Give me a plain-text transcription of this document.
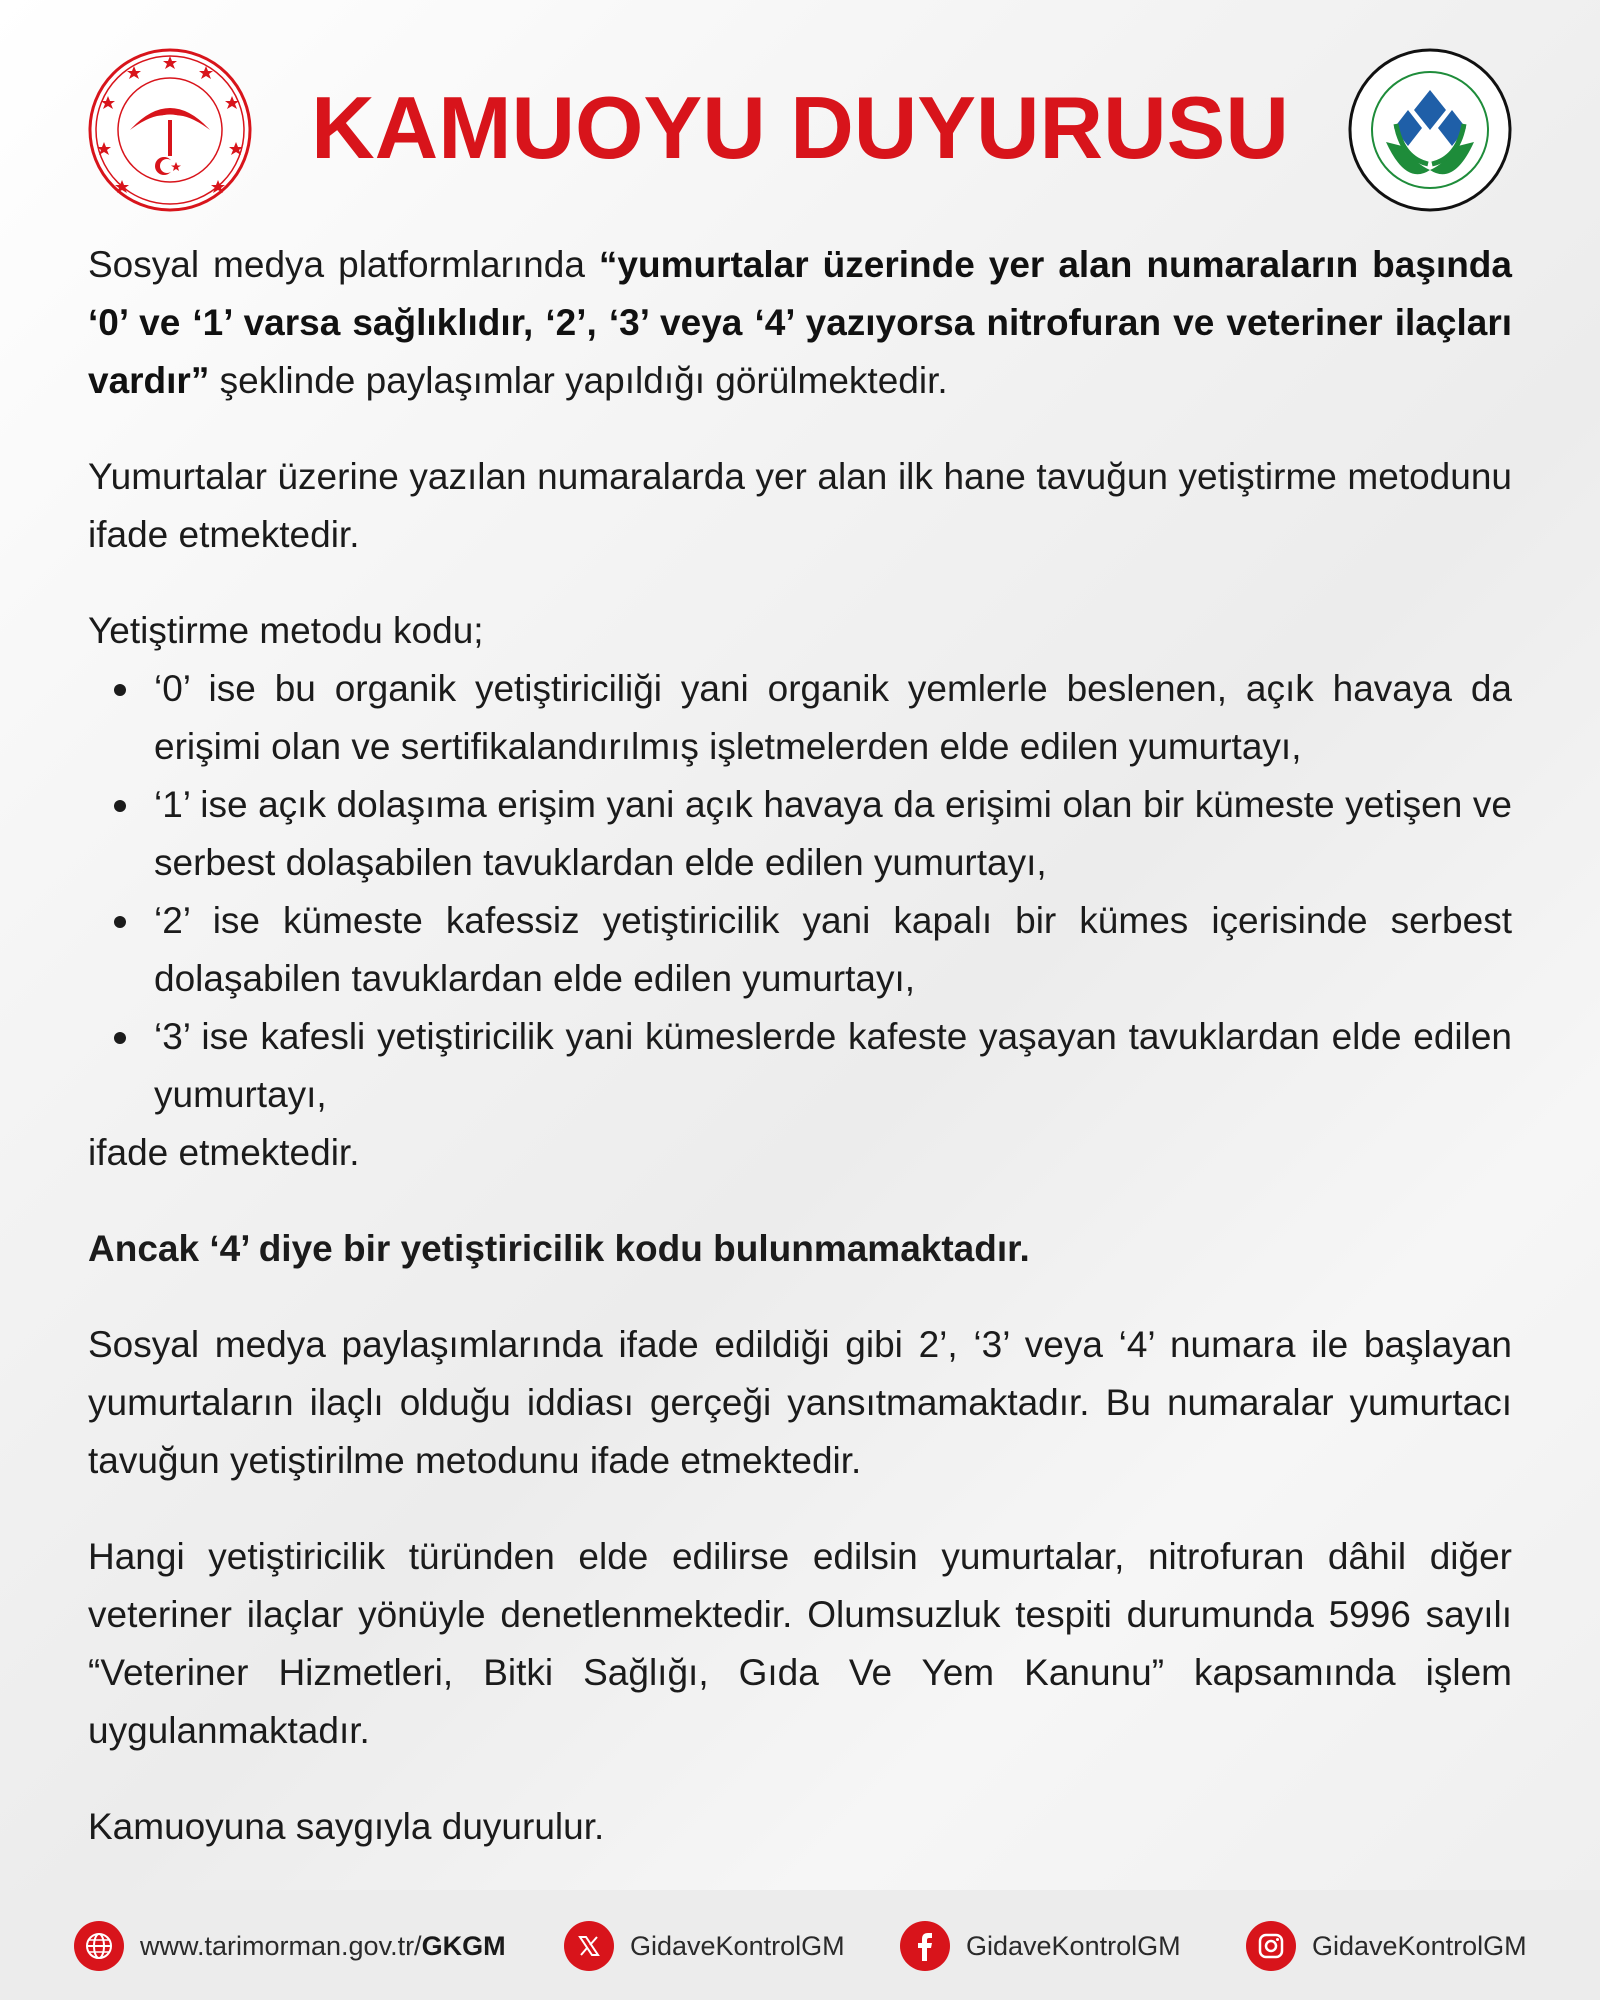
KAMUOYU DUYURUSU

Sosyal medya platformlarında “yumurtalar üzerinde yer alan numaraların başında ‘0’ ve ‘1’ varsa sağlıklıdır, ‘2’, ‘3’ veya ‘4’ yazıyorsa nitrofuran ve veteriner ilaçları vardır” şeklinde paylaşımlar yapıldığı görülmektedir.

Yumurtalar üzerine yazılan numaralarda yer alan ilk hane tavuğun yetiştirme metodunu ifade etmektedir.

Yetiştirme metodu kodu;

‘0’ ise bu organik yetiştiriciliği yani organik yemlerle beslenen, açık havaya da erişimi olan ve sertifikalandırılmış işletmelerden elde edilen yumurtayı,
‘1’ ise açık dolaşıma erişim yani açık havaya da erişimi olan bir kümeste yetişen ve serbest dolaşabilen tavuklardan elde edilen yumurtayı,
‘2’ ise kümeste kafessiz yetiştiricilik yani kapalı bir kümes içerisinde serbest dolaşabilen tavuklardan elde edilen yumurtayı,
‘3’ ise kafesli yetiştiricilik yani kümeslerde kafeste yaşayan tavuklardan elde edilen yumurtayı,

ifade etmektedir.

Ancak ‘4’ diye bir yetiştiricilik kodu bulunmamaktadır.

Sosyal medya paylaşımlarında ifade edildiği gibi 2’, ‘3’ veya ‘4’ numara ile başlayan yumurtaların ilaçlı olduğu iddiası gerçeği yansıtmamaktadır. Bu numaralar yumurtacı tavuğun yetiştirilme metodunu ifade etmektedir.

Hangi yetiştiricilik türünden elde edilirse edilsin yumurtalar, nitrofuran dâhil diğer veteriner ilaçlar yönüyle denetlenmektedir. Olumsuzluk tespiti durumunda 5996 sayılı “Veteriner Hizmetleri, Bitki Sağlığı, Gıda Ve Yem Kanunu” kapsamında işlem uygulanmaktadır.

Kamuoyuna saygıyla duyurulur.

www.tarimorman.gov.tr/GKGM	GidaveKontrolGM	GidaveKontrolGM	GidaveKontrolGM
